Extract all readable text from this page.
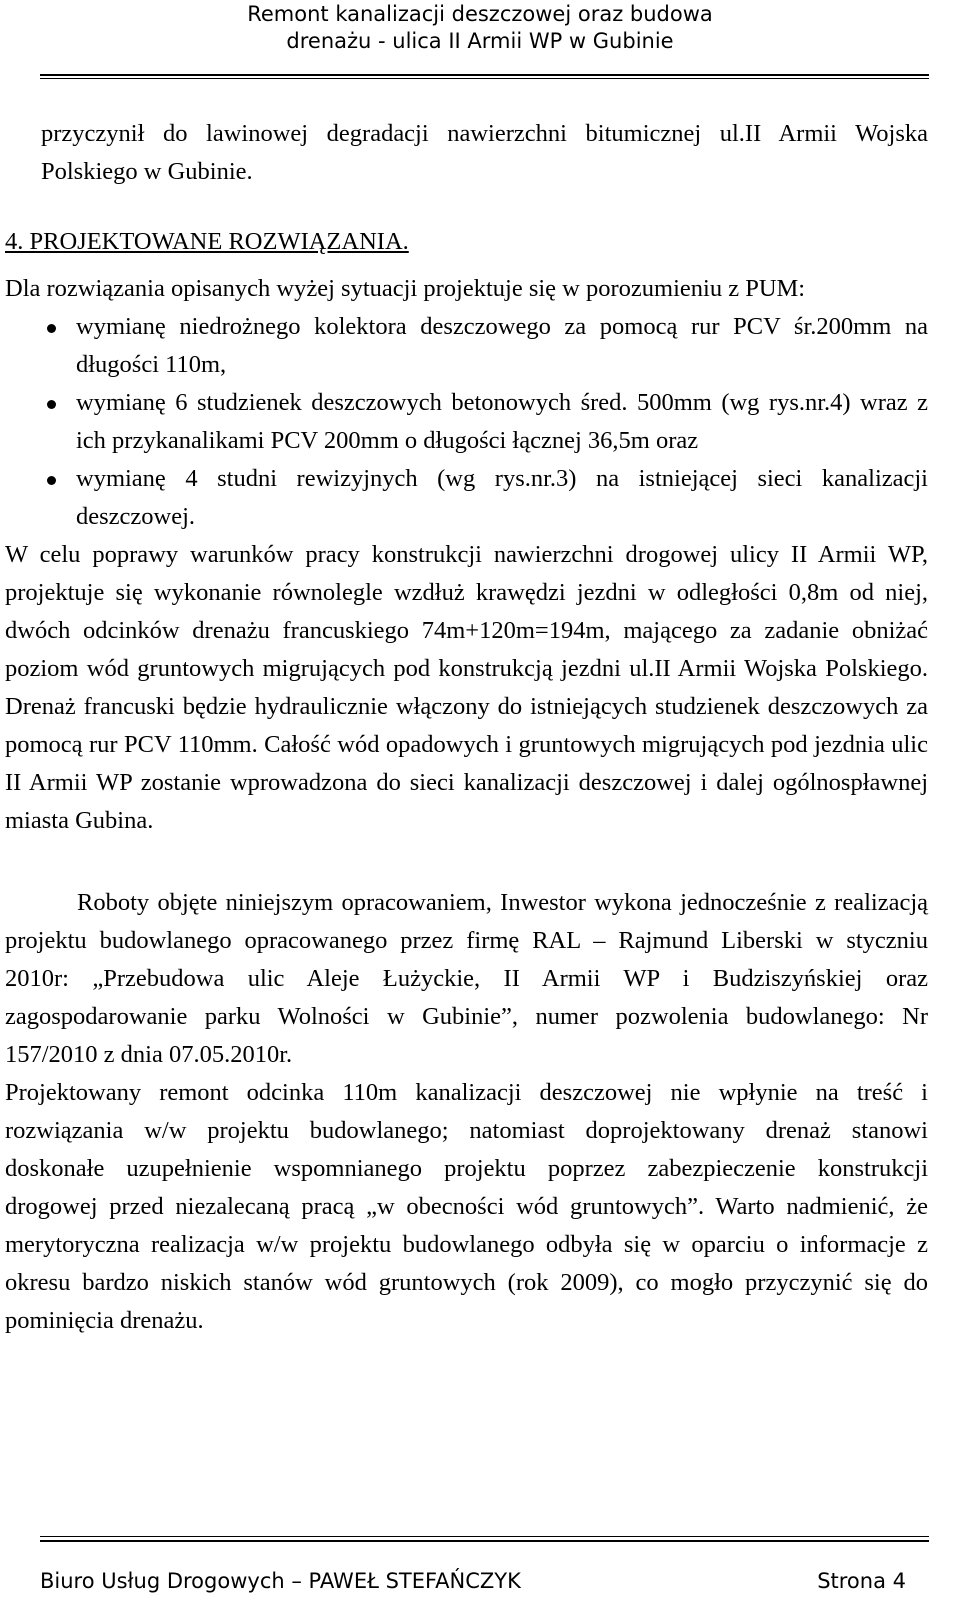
Remont kanalizacji deszczowej oraz budowa
drenażu - ulica II Armii WP w Gubinie

przyczynił do lawinowej degradacji nawierzchni bitumicznej ul.II Armii Wojska Polskiego w Gubinie.

4. PROJEKTOWANE ROZWIĄZANIA.

Dla rozwiązania opisanych wyżej sytuacji projektuje się w porozumieniu z PUM:

wymianę niedrożnego kolektora deszczowego za pomocą rur PCV śr.200mm na długości 110m,
wymianę 6 studzienek deszczowych betonowych śred. 500mm (wg rys.nr.4) wraz z ich przykanalikami PCV 200mm o długości łącznej 36,5m oraz
wymianę 4 studni rewizyjnych (wg rys.nr.3) na istniejącej sieci kanalizacji deszczowej.

W celu poprawy warunków pracy konstrukcji nawierzchni drogowej ulicy II Armii WP, projektuje się wykonanie równolegle wzdłuż krawędzi jezdni w odległości 0,8m od niej, dwóch odcinków drenażu francuskiego 74m+120m=194m, mającego za zadanie obniżać poziom wód gruntowych migrujących pod konstrukcją jezdni ul.II Armii Wojska Polskiego. Drenaż francuski będzie hydraulicznie włączony do istniejących studzienek deszczowych za pomocą rur PCV 110mm. Całość wód opadowych i gruntowych migrujących pod jezdnia ulic II Armii WP zostanie wprowadzona do sieci kanalizacji deszczowej i dalej ogólnospławnej miasta Gubina.

Roboty objęte niniejszym opracowaniem, Inwestor wykona jednocześnie z realizacją projektu budowlanego opracowanego przez firmę RAL – Rajmund Liberski w styczniu 2010r: „Przebudowa ulic Aleje Łużyckie, II Armii WP i Budziszyńskiej oraz zagospodarowanie parku Wolności w Gubinie”, numer pozwolenia budowlanego: Nr 157/2010 z dnia 07.05.2010r.

Projektowany remont odcinka 110m kanalizacji deszczowej nie wpłynie na treść i rozwiązania w/w projektu budowlanego; natomiast doprojektowany drenaż stanowi doskonałe uzupełnienie wspomnianego projektu poprzez zabezpieczenie konstrukcji drogowej przed niezalecaną pracą „w obecności wód gruntowych”. Warto nadmienić, że merytoryczna realizacja w/w projektu budowlanego odbyła się w oparciu o informacje z okresu bardzo niskich stanów wód gruntowych (rok 2009), co mogło przyczynić się do pominięcia drenażu.

Biuro Usług Drogowych – PAWEŁ STEFAŃCZYK	Strona 4
